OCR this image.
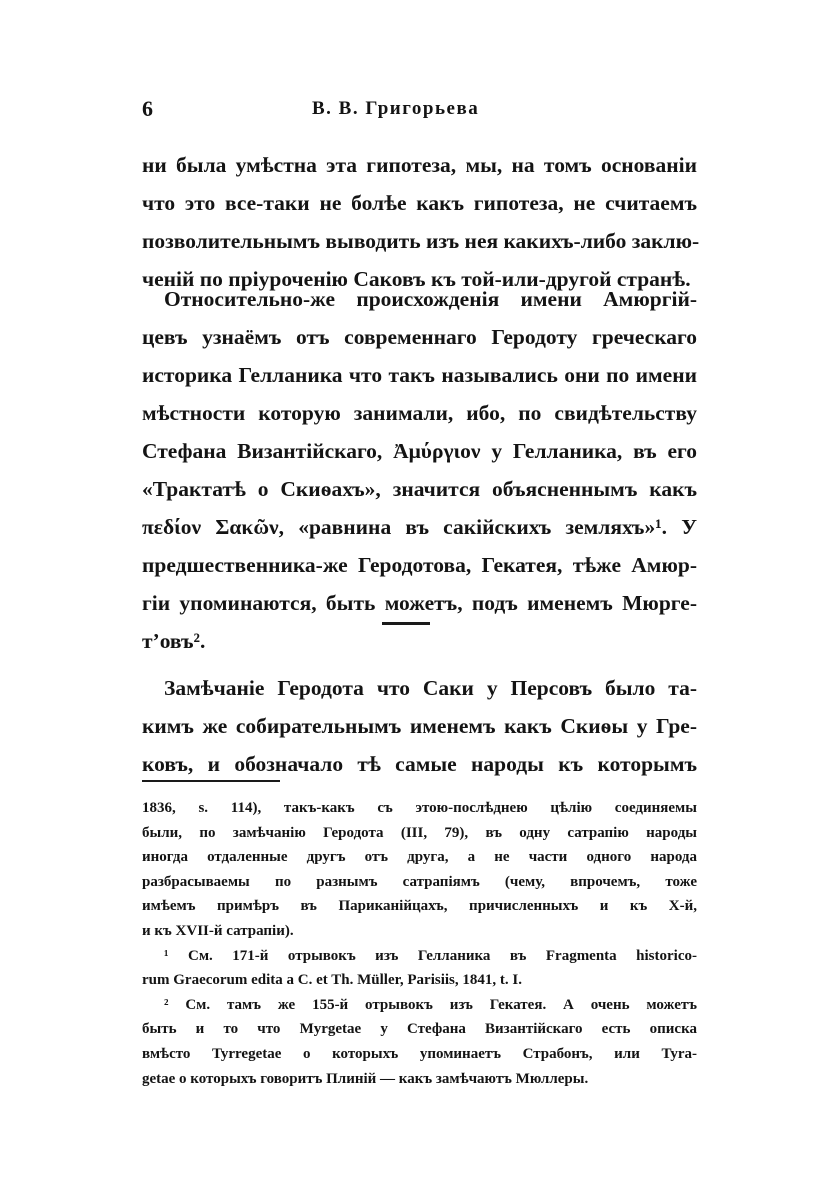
6	В. В. Григорьева
ни была умѣстна эта гипотеза, мы, на томъ основаніи
что это все-таки не болѣе какъ гипотеза, не считаемъ
позволительнымъ выводить изъ нея какихъ-либо заклю-
ченій по пріуроченію Саковъ къ той-или-другой странѣ.
Относительно-же происхожденія имени Амюргій-
цевъ узнаёмъ отъ современнаго Геродоту греческаго
историка Гелланика что такъ назывались они по имени
мѣстности которую занимали, ибо, по свидѣтельству
Стефана Византійскаго, Ἀμύργιον у Гелланика, въ его
«Трактатѣ о Скиѳахъ», значится объясненнымъ какъ
πεδίον Σακῶν, «равнина въ сакійскихъ земляхъ»¹. У
предшественника-же Геродотова, Гекатея, тѣже Амюр-
гіи упоминаются, быть можетъ, подъ именемъ Мюрге-
т’овъ².
Замѣчаніе Геродота что Саки у Персовъ было та-
кимъ же собирательнымъ именемъ какъ Скиѳы у Гре-
ковъ, и обозначало тѣ самые народы къ которымъ
1836, s. 114), такъ-какъ съ этою-послѣднею цѣлію соединяемы
были, по замѣчанію Геродота (III, 79), въ одну сатрапію народы
иногда отдаленные другъ отъ друга, а не части одного народа
разбрасываемы по разнымъ сатрапіямъ (чему, впрочемъ, тоже
имѣемъ примѣръ въ Париканійцахъ, причисленныхъ и къ X-й,
и къ XVII-й сатрапіи).
¹ См. 171-й отрывокъ изъ Гелланика въ Fragmenta historico-
rum Graecorum edita a C. et Th. Müller, Parisiis, 1841, t. I.
² См. тамъ же 155-й отрывокъ изъ Гекатея. А очень можетъ
быть и то что Myrgetae у Стефана Византійскаго есть описка
вмѣсто Tyrregetae о которыхъ упоминаетъ Страбонъ, или Tyra-
getae о которыхъ говоритъ Плиній — какъ замѣчаютъ Мюллеры.
